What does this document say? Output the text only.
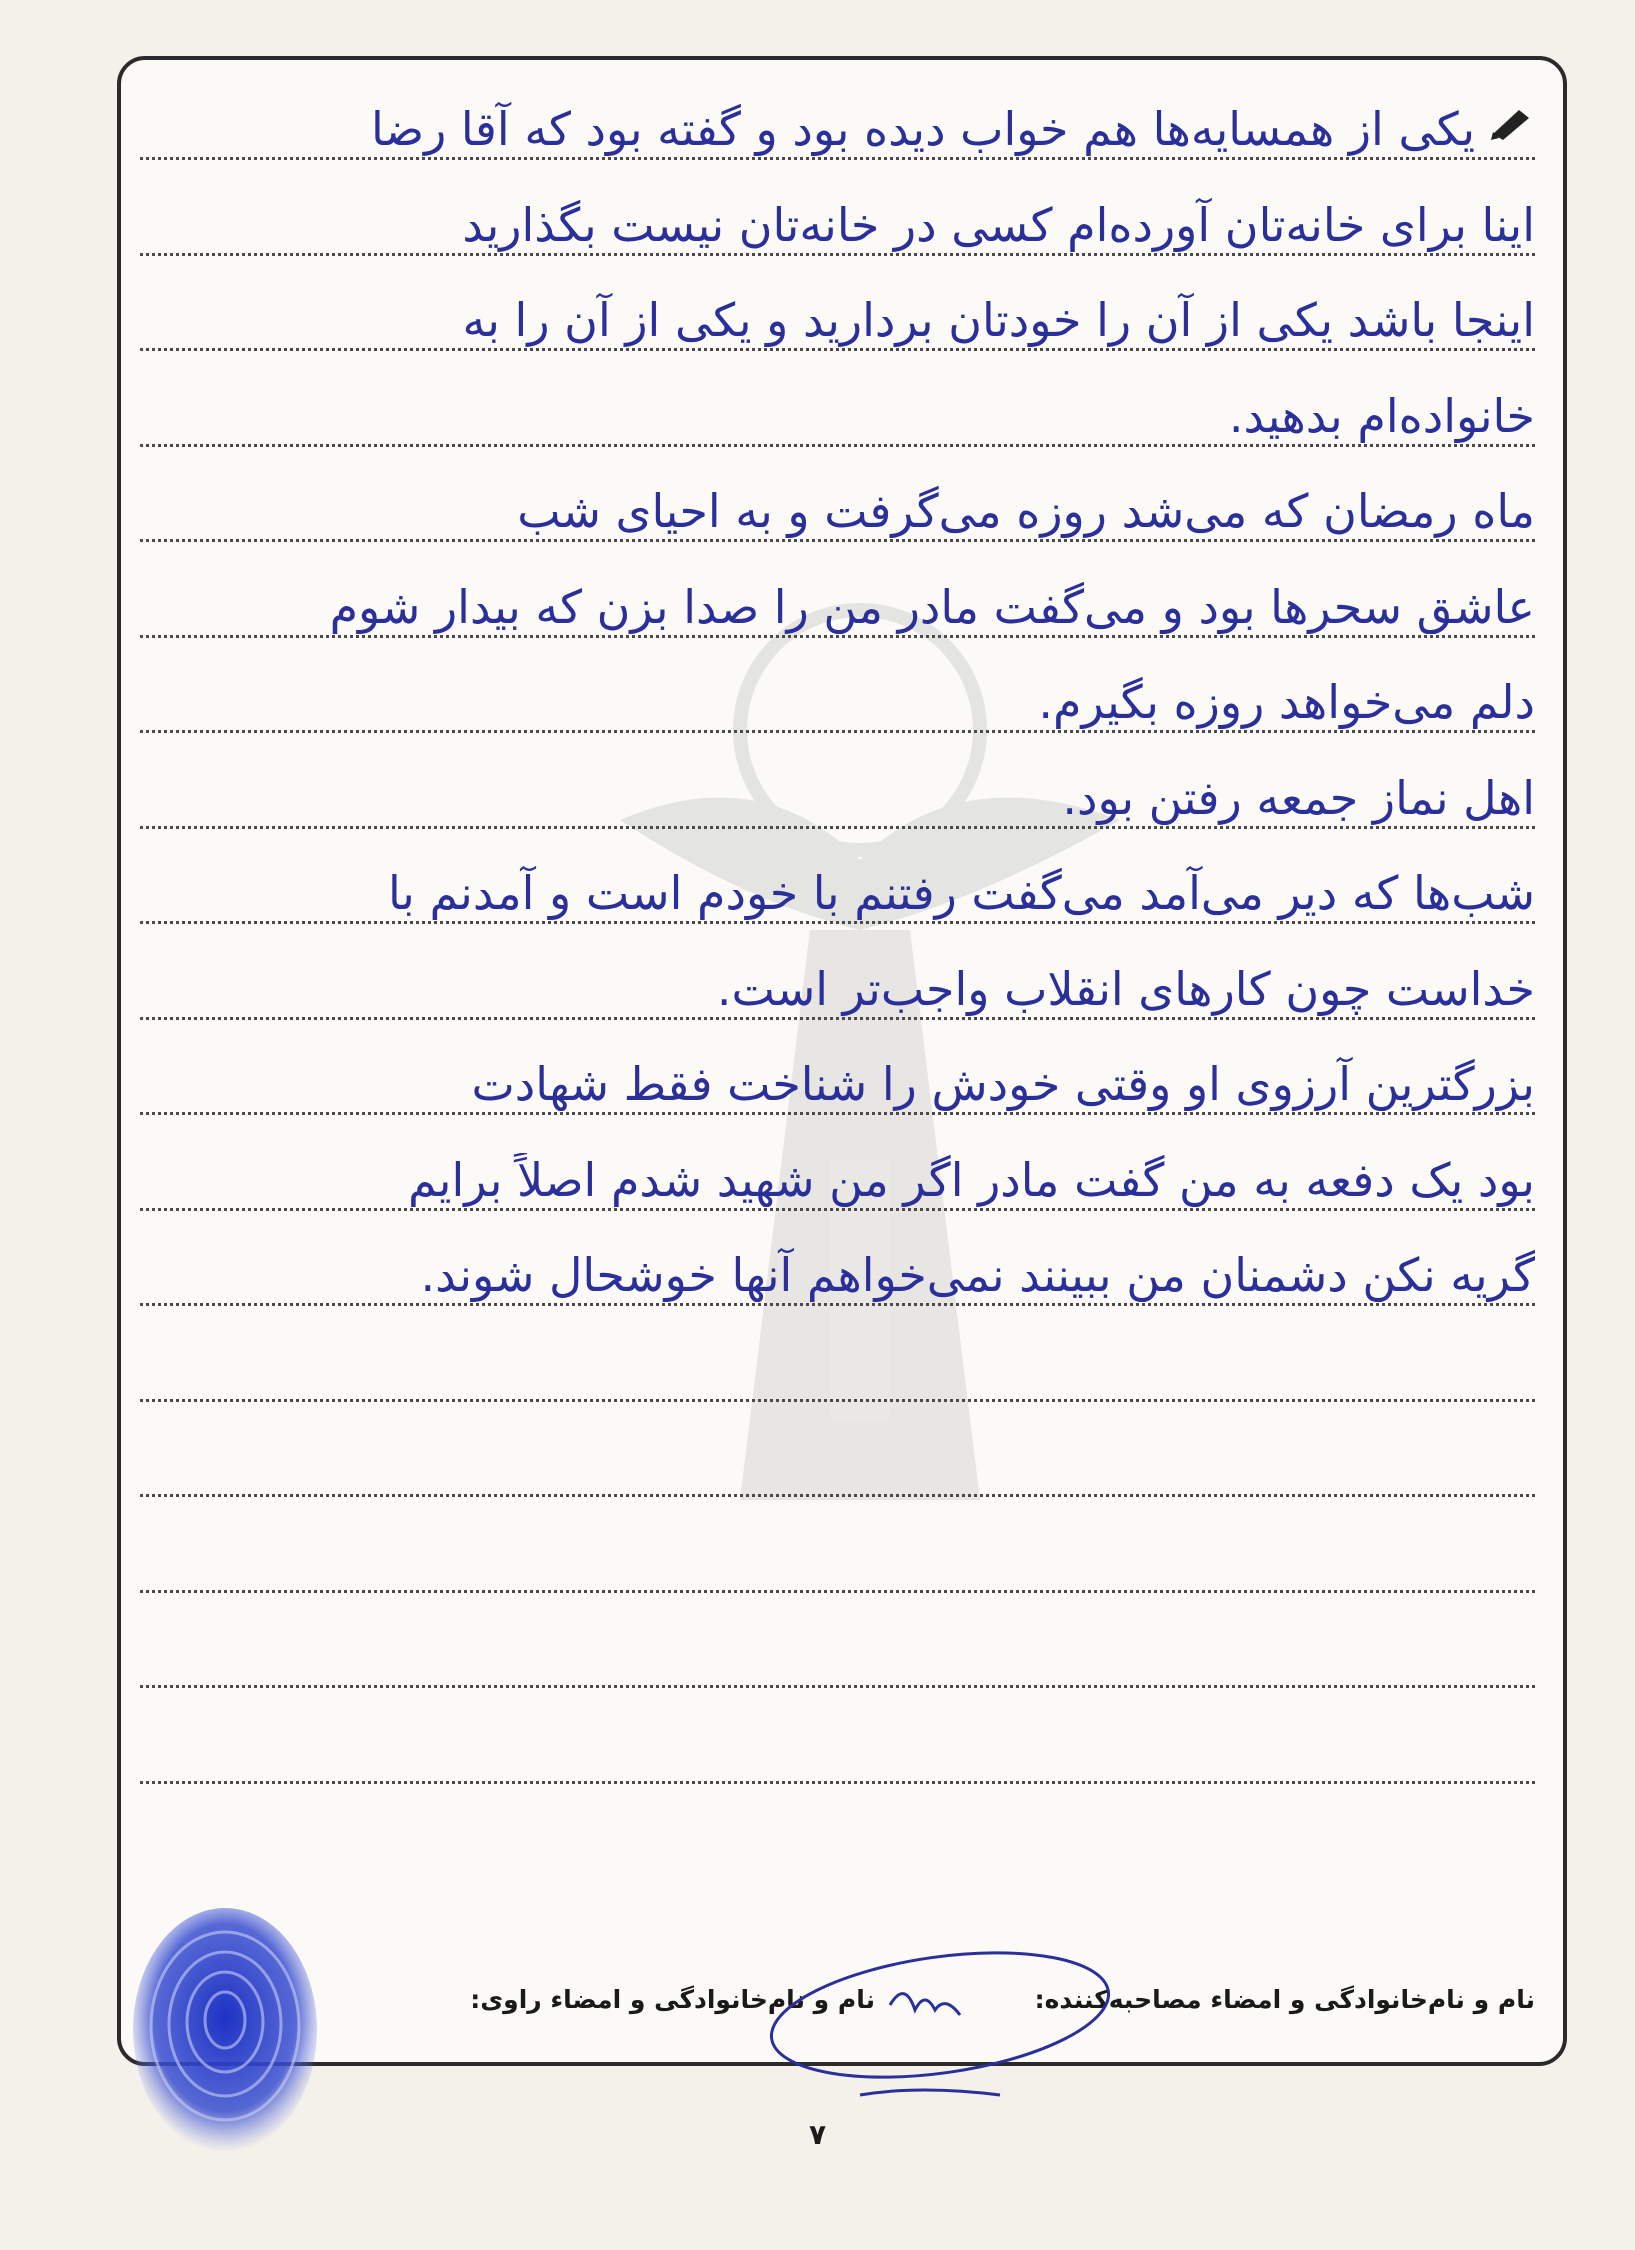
یکی از همسایه‌ها هم خواب دیده بود و گفته بود که آقا رضا
اینا برای خانه‌تان آورده‌ام کسی در خانه‌تان نیست بگذارید
اینجا باشد یکی از آن را خودتان بردارید و یکی از آن را به
خانواده‌ام بدهید.
ماه رمضان که می‌شد روزه می‌گرفت و به احیای شب
عاشق سحرها بود و می‌گفت مادر من را صدا بزن که بیدار شوم
دلم می‌خواهد روزه بگیرم.
اهل نماز جمعه رفتن بود.
شب‌ها که دیر می‌آمد می‌گفت رفتنم با خودم است و آمدنم با
خداست چون کارهای انقلاب واجب‌تر است.
بزرگترین آرزوی او وقتی خودش را شناخت فقط شهادت
بود یک دفعه به من گفت مادر اگر من شهید شدم اصلاً برایم
گریه نکن دشمنان من ببینند نمی‌خواهم آنها خوشحال شوند.
نام و نام‌خانوادگی و امضاء مصاحبه‌کننده:
نام و نام‌خانوادگی و امضاء راوی:
۷
